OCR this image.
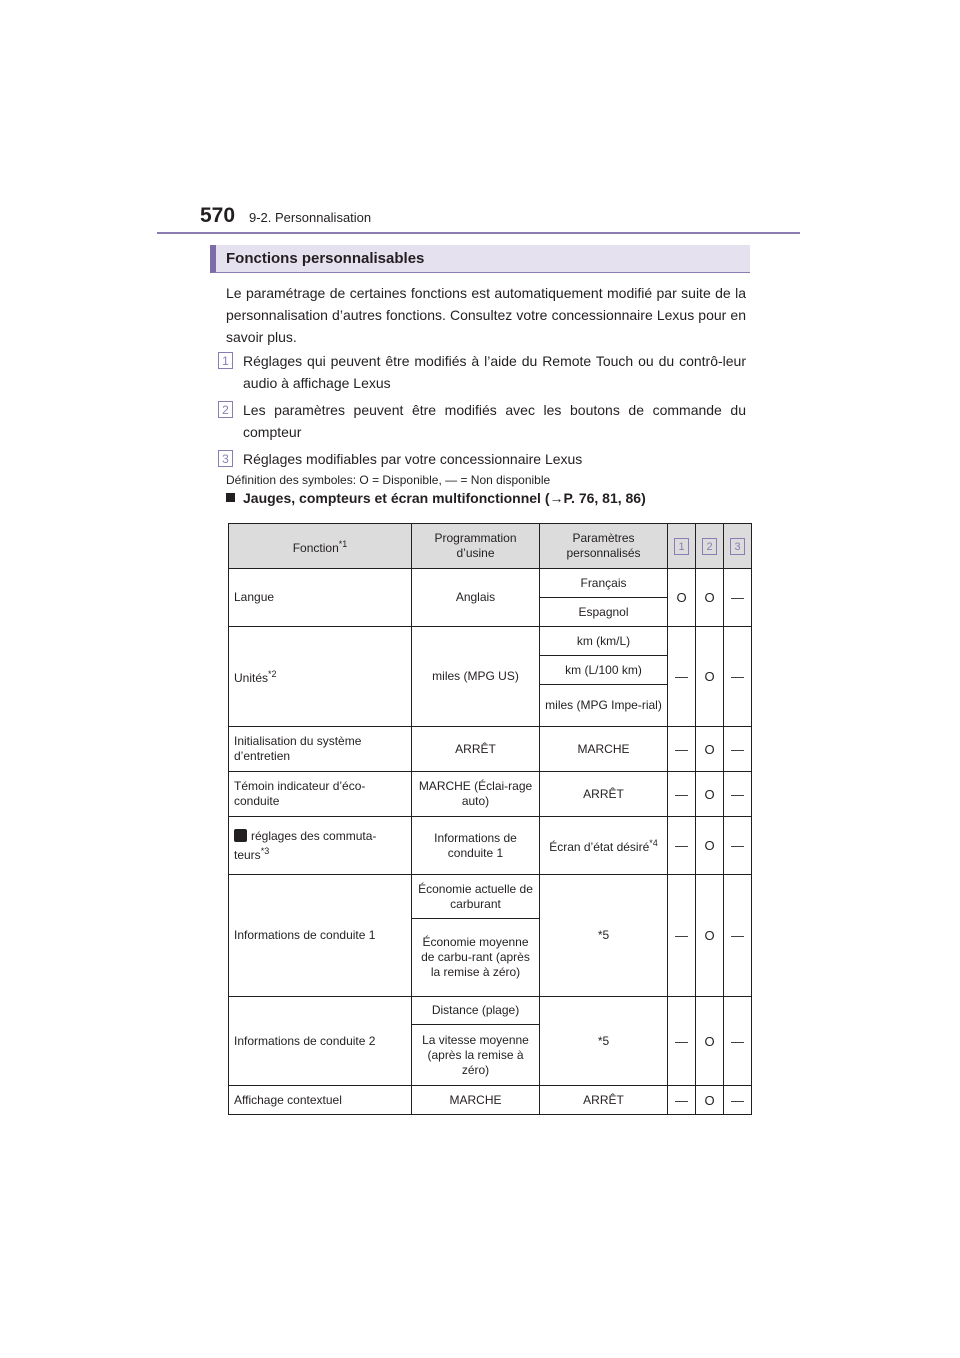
570 9-2. Personnalisation
Fonctions personnalisables
Le paramétrage de certaines fonctions est automatiquement modifié par suite de la personnalisation d’autres fonctions. Consultez votre concessionnaire Lexus pour en savoir plus.
1 Réglages qui peuvent être modifiés à l’aide du Remote Touch ou du contrô-leur audio à affichage Lexus
2 Les paramètres peuvent être modifiés avec les boutons de commande du compteur
3 Réglages modifiables par votre concessionnaire Lexus
Définition des symboles: O = Disponible, — = Non disponible
Jauges, compteurs et écran multifonctionnel (→P. 76, 81, 86)
Fonction$^{*1}$	Programmation d’usine	Paramètres personnalisés	1	2	3
Langue	Anglais	Français	O	O	—
		Espagnol			
Unités$^{*2}$	miles (MPG US)	km (km/L)	—	O	—
		km (L/100 km)			
		miles (MPG Impe-rial)			
Initialisation du système d’entretien	ARRÊT	MARCHE	—	O	—
Témoin indicateur d’éco-conduite	MARCHE (Éclai-rage auto)	ARRÊT	—	O	—
réglages des commuta-teurs$^{*3}$	Informations de conduite 1	Écran d’état désiré$^{*4}$	—	O	—
Informations de conduite 1	Économie actuelle de carburant	*5	—	O	—
	Économie moyenne de carbu-rant (après la remise à zéro)				
Informations de conduite 2	Distance (plage)	*5	—	O	—
	La vitesse moyenne (après la remise à zéro)				
Affichage contextuel	MARCHE	ARRÊT	—	O	—
